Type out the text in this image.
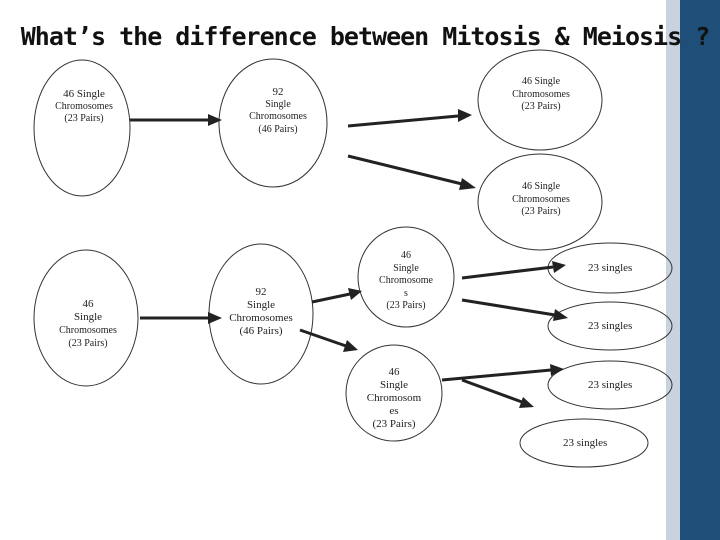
What’s the difference between Mitosis & Meiosis ?
46 Single
Chromosomes
(23 Pairs)
92
Single
Chromosomes
(46 Pairs)
46 Single
Chromosomes
(23 Pairs)
46 Single
Chromosomes
(23 Pairs)
46
Single
Chromosomes
(23 Pairs)
92
Single
Chromosomes
(46 Pairs)
46
Single
Chromosome
s
(23 Pairs)
46
Single
Chromosom
es
(23 Pairs)
23 singles
23 singles
23 singles
23 singles
